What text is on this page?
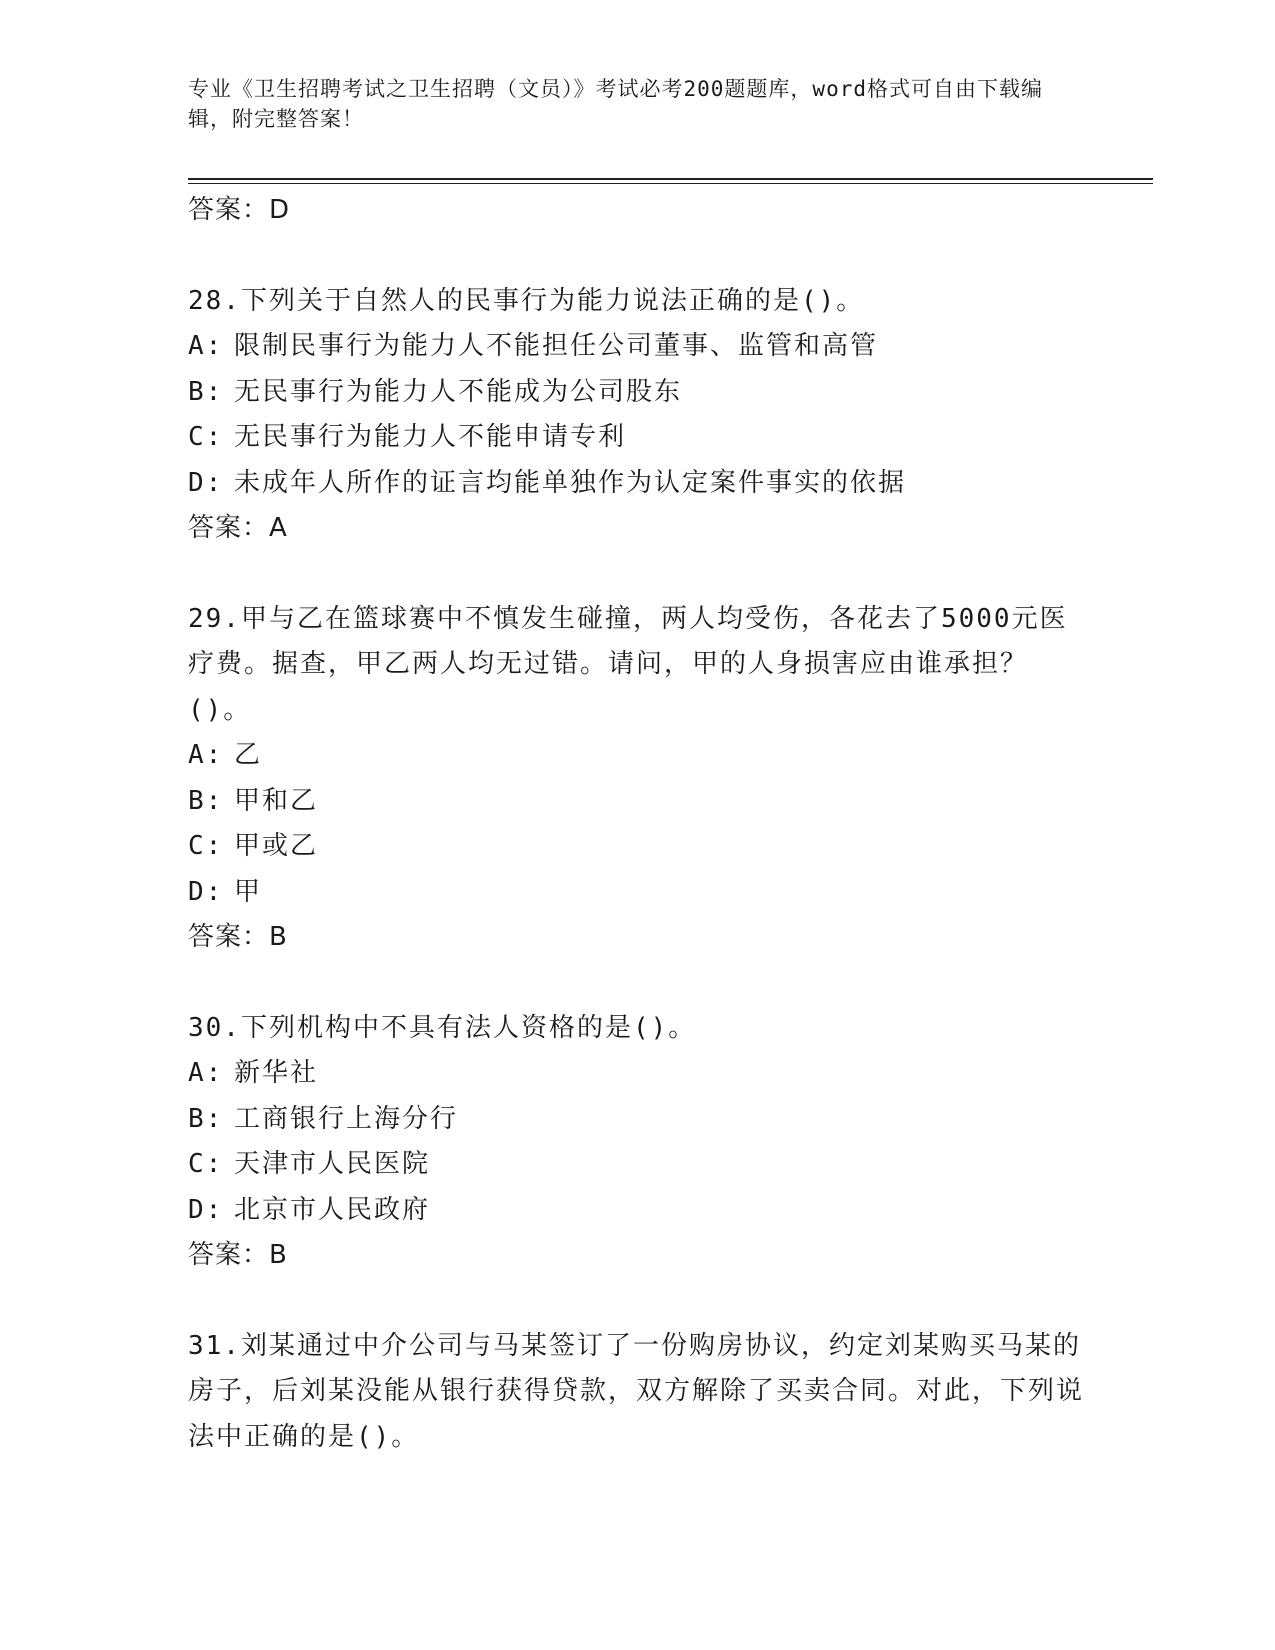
专业《卫生招聘考试之卫生招聘（文员）》考试必考200题题库，word格式可自由下载编辑，附完整答案！
答案：D
28.下列关于自然人的民事行为能力说法正确的是()。
A: 限制民事行为能力人不能担任公司董事、监管和高管
B: 无民事行为能力人不能成为公司股东
C: 无民事行为能力人不能申请专利
D: 未成年人所作的证言均能单独作为认定案件事实的依据
答案：A
29.甲与乙在篮球赛中不慎发生碰撞，两人均受伤，各花去了5000元医疗费。据查，甲乙两人均无过错。请问，甲的人身损害应由谁承担？()。
A: 乙
B: 甲和乙
C: 甲或乙
D: 甲
答案：B
30.下列机构中不具有法人资格的是()。
A: 新华社
B: 工商银行上海分行
C: 天津市人民医院
D: 北京市人民政府
答案：B
31.刘某通过中介公司与马某签订了一份购房协议，约定刘某购买马某的房子，后刘某没能从银行获得贷款，双方解除了买卖合同。对此，下列说法中正确的是()。
